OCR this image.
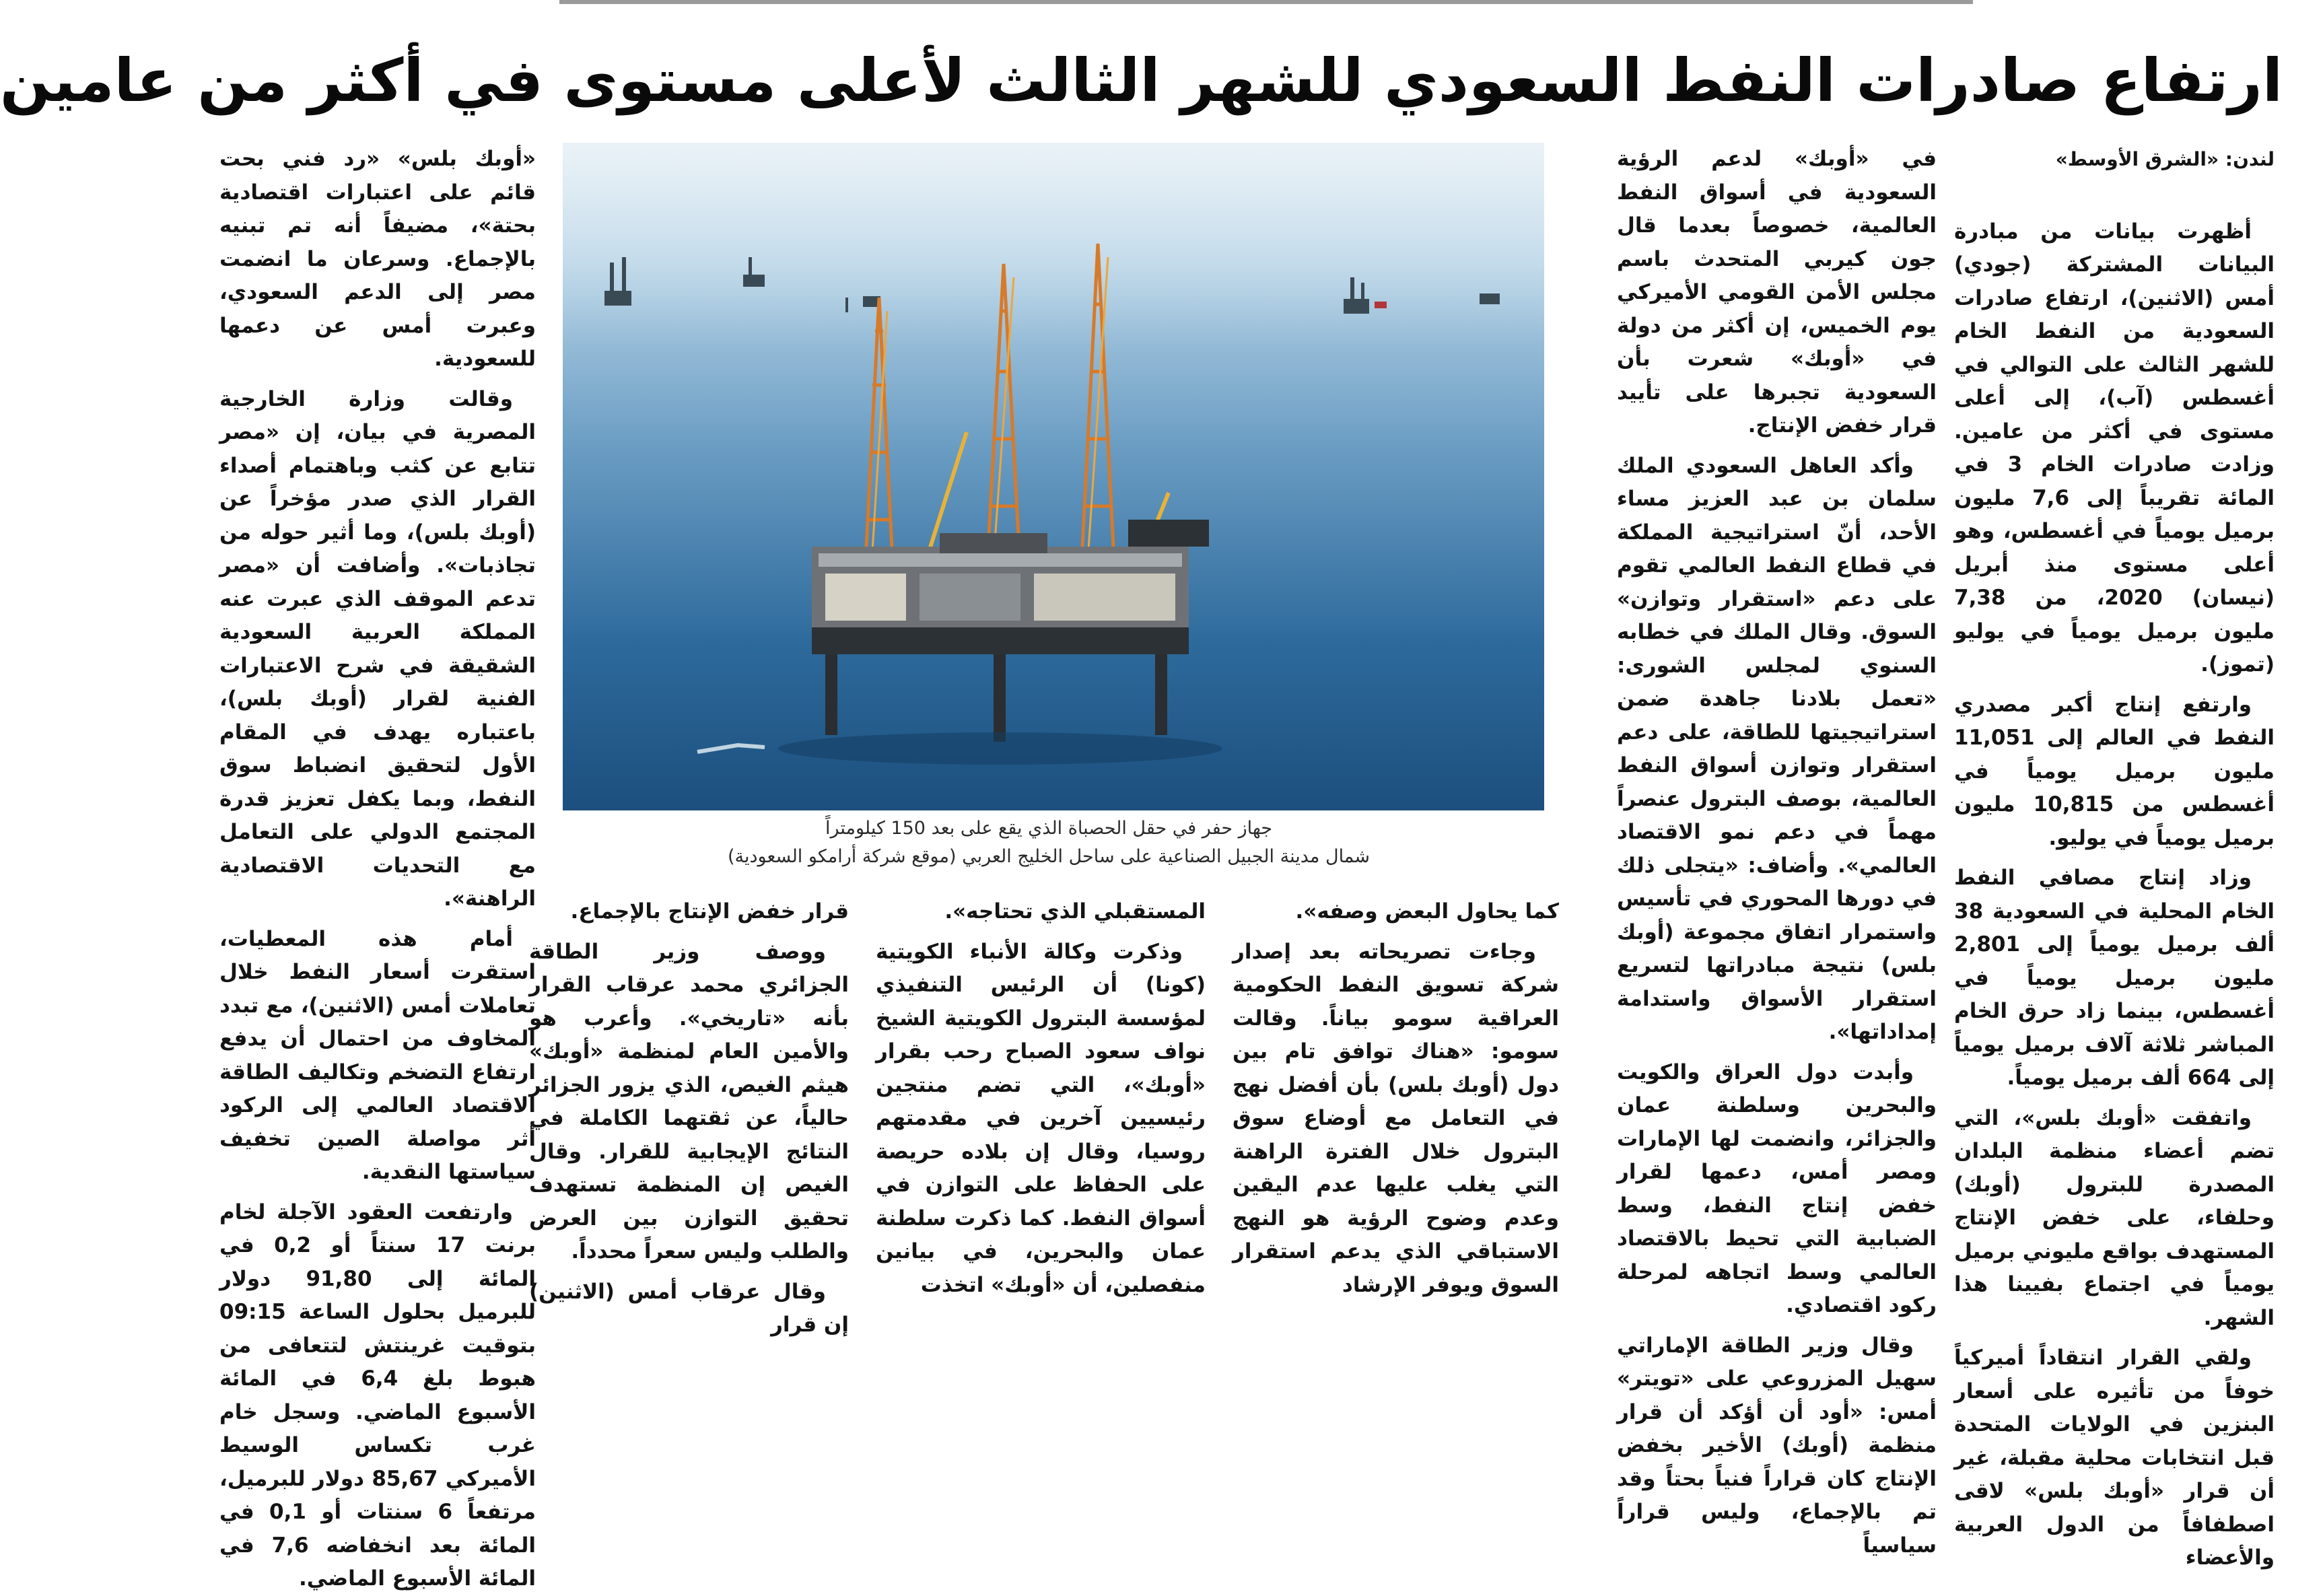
ارتفاع صادرات النفط السعودي للشهر الثالث لأعلى مستوى في أكثر من عامين
لندن: «الشرق الأوسط»

أظهرت بيانات من مبادرة البيانات المشتركة (جودي) أمس (الاثنين)، ارتفاع صادرات السعودية من النفط الخام للشهر الثالث على التوالي في أغسطس (آب)، إلى أعلى مستوى في أكثر من عامين. وزادت صادرات الخام 3 في المائة تقريباً إلى 7,6 مليون برميل يومياً في أغسطس، وهو أعلى مستوى منذ أبريل (نيسان) 2020، من 7,38 مليون برميل يومياً في يوليو (تموز).

وارتفع إنتاج أكبر مصدري النفط في العالم إلى 11,051 مليون برميل يومياً في أغسطس من 10,815 مليون برميل يومياً في يوليو.

وزاد إنتاج مصافي النفط الخام المحلية في السعودية 38 ألف برميل يومياً إلى 2,801 مليون برميل يومياً في أغسطس، بينما زاد حرق الخام المباشر ثلاثة آلاف برميل يومياً إلى 664 ألف برميل يومياً.

واتفقت «أوبك بلس»، التي تضم أعضاء منظمة البلدان المصدرة للبترول (أوبك) وحلفاء، على خفض الإنتاج المستهدف بواقع مليوني برميل يومياً في اجتماع بفيينا هذا الشهر.

ولقي القرار انتقاداً أميركياً خوفاً من تأثيره على أسعار البنزين في الولايات المتحدة قبل انتخابات محلية مقبلة، غير أن قرار «أوبك بلس» لاقى اصطفافاً من الدول العربية والأعضاء

في «أوبك» لدعم الرؤية السعودية في أسواق النفط العالمية، خصوصاً بعدما قال جون كيربي المتحدث باسم مجلس الأمن القومي الأميركي يوم الخميس، إن أكثر من دولة في «أوبك» شعرت بأن السعودية تجبرها على تأييد قرار خفض الإنتاج.

وأكد العاهل السعودي الملك سلمان بن عبد العزيز مساء الأحد، أنّ استراتيجية المملكة في قطاع النفط العالمي تقوم على دعم «استقرار وتوازن» السوق. وقال الملك في خطابه السنوي لمجلس الشورى: «تعمل بلادنا جاهدة ضمن استراتيجيتها للطاقة، على دعم استقرار وتوازن أسواق النفط العالمية، بوصف البترول عنصراً مهماً في دعم نمو الاقتصاد العالمي». وأضاف: «يتجلى ذلك في دورها المحوري في تأسيس واستمرار اتفاق مجموعة (أوبك بلس) نتيجة مبادراتها لتسريع استقرار الأسواق واستدامة إمداداتها».

وأبدت دول العراق والكويت والبحرين وسلطنة عمان والجزائر، وانضمت لها الإمارات ومصر أمس، دعمها لقرار خفض إنتاج النفط، وسط الضبابية التي تحيط بالاقتصاد العالمي وسط اتجاهه لمرحلة ركود اقتصادي.

وقال وزير الطاقة الإماراتي سهيل المزروعي على «تويتر» أمس: «أود أن أؤكد أن قرار منظمة (أوبك) الأخير بخفض الإنتاج كان قراراً فنياً بحتاً وقد تم بالإجماع، وليس قراراً سياسياً

جهاز حفر في حقل الحصباة الذي يقع على بعد 150 كيلومتراً
شمال مدينة الجبيل الصناعية على ساحل الخليج العربي (موقع شركة أرامكو السعودية)

كما يحاول البعض وصفه».

وجاءت تصريحاته بعد إصدار شركة تسويق النفط الحكومية العراقية سومو بياناً. وقالت سومو: «هناك توافق تام بين دول (أوبك بلس) بأن أفضل نهج في التعامل مع أوضاع سوق البترول خلال الفترة الراهنة التي يغلب عليها عدم اليقين وعدم وضوح الرؤية هو النهج الاستباقي الذي يدعم استقرار السوق ويوفر الإرشاد

المستقبلي الذي تحتاجه».

وذكرت وكالة الأنباء الكويتية (كونا) أن الرئيس التنفيذي لمؤسسة البترول الكويتية الشيخ نواف سعود الصباح رحب بقرار «أوبك»، التي تضم منتجين رئيسيين آخرين في مقدمتهم روسيا، وقال إن بلاده حريصة على الحفاظ على التوازن في أسواق النفط. كما ذكرت سلطنة عمان والبحرين، في بيانين منفصلين، أن «أوبك» اتخذت

قرار خفض الإنتاج بالإجماع.

ووصف وزير الطاقة الجزائري محمد عرقاب القرار بأنه «تاريخي». وأعرب هو والأمين العام لمنظمة «أوبك» هيثم الغيص، الذي يزور الجزائر حالياً، عن ثقتهما الكاملة في النتائج الإيجابية للقرار. وقال الغيص إن المنظمة تستهدف تحقيق التوازن بين العرض والطلب وليس سعراً محدداً.

وقال عرقاب أمس (الاثنين) إن قرار

«أوبك بلس» «رد فني بحت قائم على اعتبارات اقتصادية بحتة»، مضيفاً أنه تم تبنيه بالإجماع. وسرعان ما انضمت مصر إلى الدعم السعودي، وعبرت أمس عن دعمها للسعودية.

وقالت وزارة الخارجية المصرية في بيان، إن «مصر تتابع عن كثب وباهتمام أصداء القرار الذي صدر مؤخراً عن (أوبك بلس)، وما أثير حوله من تجاذبات». وأضافت أن «مصر تدعم الموقف الذي عبرت عنه المملكة العربية السعودية الشقيقة في شرح الاعتبارات الفنية لقرار (أوبك بلس)، باعتباره يهدف في المقام الأول لتحقيق انضباط سوق النفط، وبما يكفل تعزيز قدرة المجتمع الدولي على التعامل مع التحديات الاقتصادية الراهنة».

أمام هذه المعطيات، استقرت أسعار النفط خلال تعاملات أمس (الاثنين)، مع تبدد المخاوف من احتمال أن يدفع ارتفاع التضخم وتكاليف الطاقة الاقتصاد العالمي إلى الركود أثر مواصلة الصين تخفيف سياستها النقدية.

وارتفعت العقود الآجلة لخام برنت 17 سنتاً أو 0,2 في المائة إلى 91,80 دولار للبرميل بحلول الساعة 09:15 بتوقيت غرينتش لتتعافى من هبوط بلغ 6,4 في المائة الأسبوع الماضي. وسجل خام غرب تكساس الوسيط الأميركي 85,67 دولار للبرميل، مرتفعاً 6 سنتات أو 0,1 في المائة بعد انخفاضه 7,6 في المائة الأسبوع الماضي.
